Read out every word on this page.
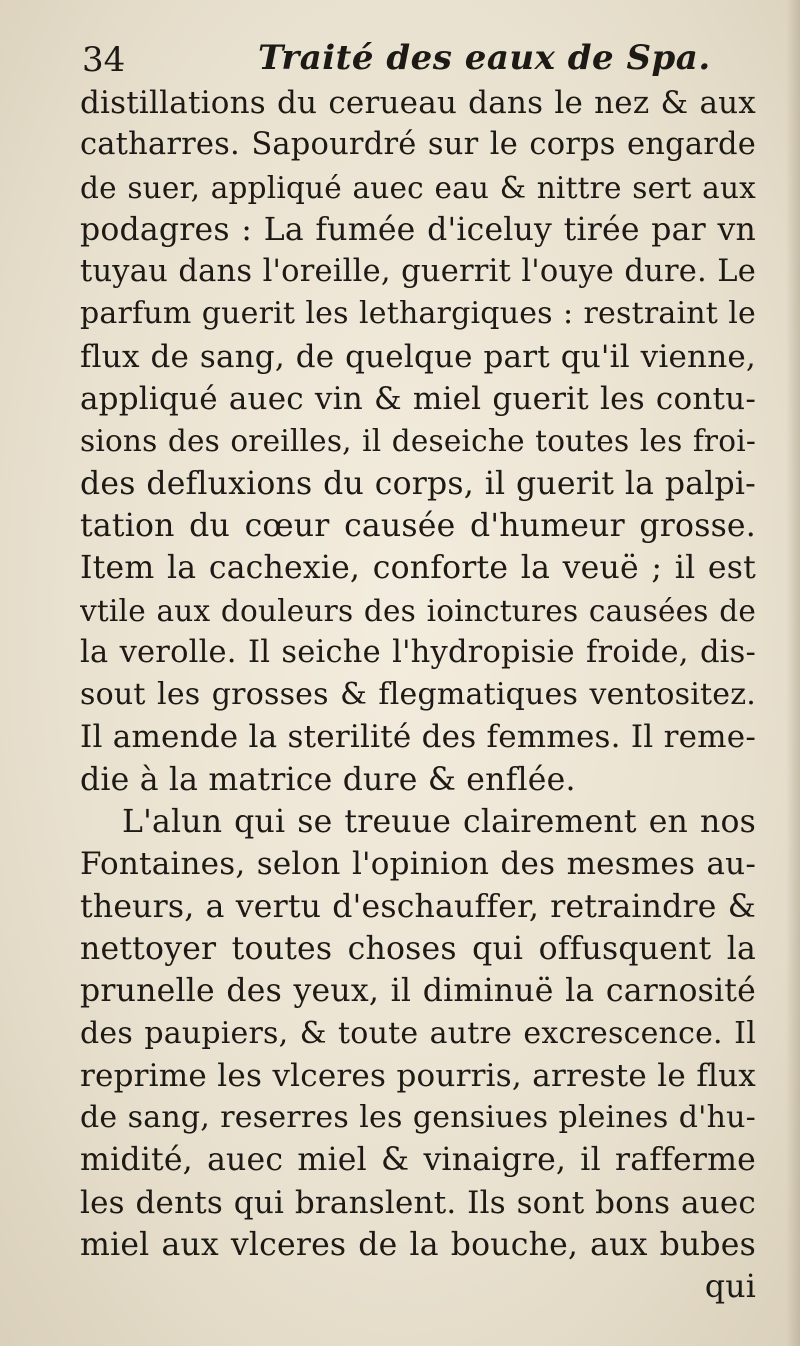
34	Traité des eaux de Spa.
distillations du cerueau dans le nez & aux
catharres. Sapourdré sur le corps engarde
de suer, appliqué auec eau & nittre sert aux
podagres : La fumée d'iceluy tirée par vn
tuyau dans l'oreille, guerrit l'ouye dure. Le
parfum guerit les lethargiques : restraint le
flux de sang, de quelque part qu'il vienne,
appliqué auec vin & miel guerit les contu-
sions des oreilles, il deseiche toutes les froi-
des defluxions du corps, il guerit la palpi-
tation du cœur causée d'humeur grosse.
Item la cachexie, conforte la veuë ; il est
vtile aux douleurs des ioinctures causées de
la verolle. Il seiche l'hydropisie froide, dis-
sout les grosses & flegmatiques ventositez.
Il amende la sterilité des femmes. Il reme-
die à la matrice dure & enflée.
L'alun qui se treuue clairement en nos
Fontaines, selon l'opinion des mesmes au-
theurs, a vertu d'eschauffer, retraindre &
nettoyer toutes choses qui offusquent la
prunelle des yeux, il diminuë la carnosité
des paupiers, & toute autre excrescence. Il
reprime les vlceres pourris, arreste le flux
de sang, reserres les gensiues pleines d'hu-
midité, auec miel & vinaigre, il rafferme
les dents qui branslent. Ils sont bons auec
miel aux vlceres de la bouche, aux bubes
qui
